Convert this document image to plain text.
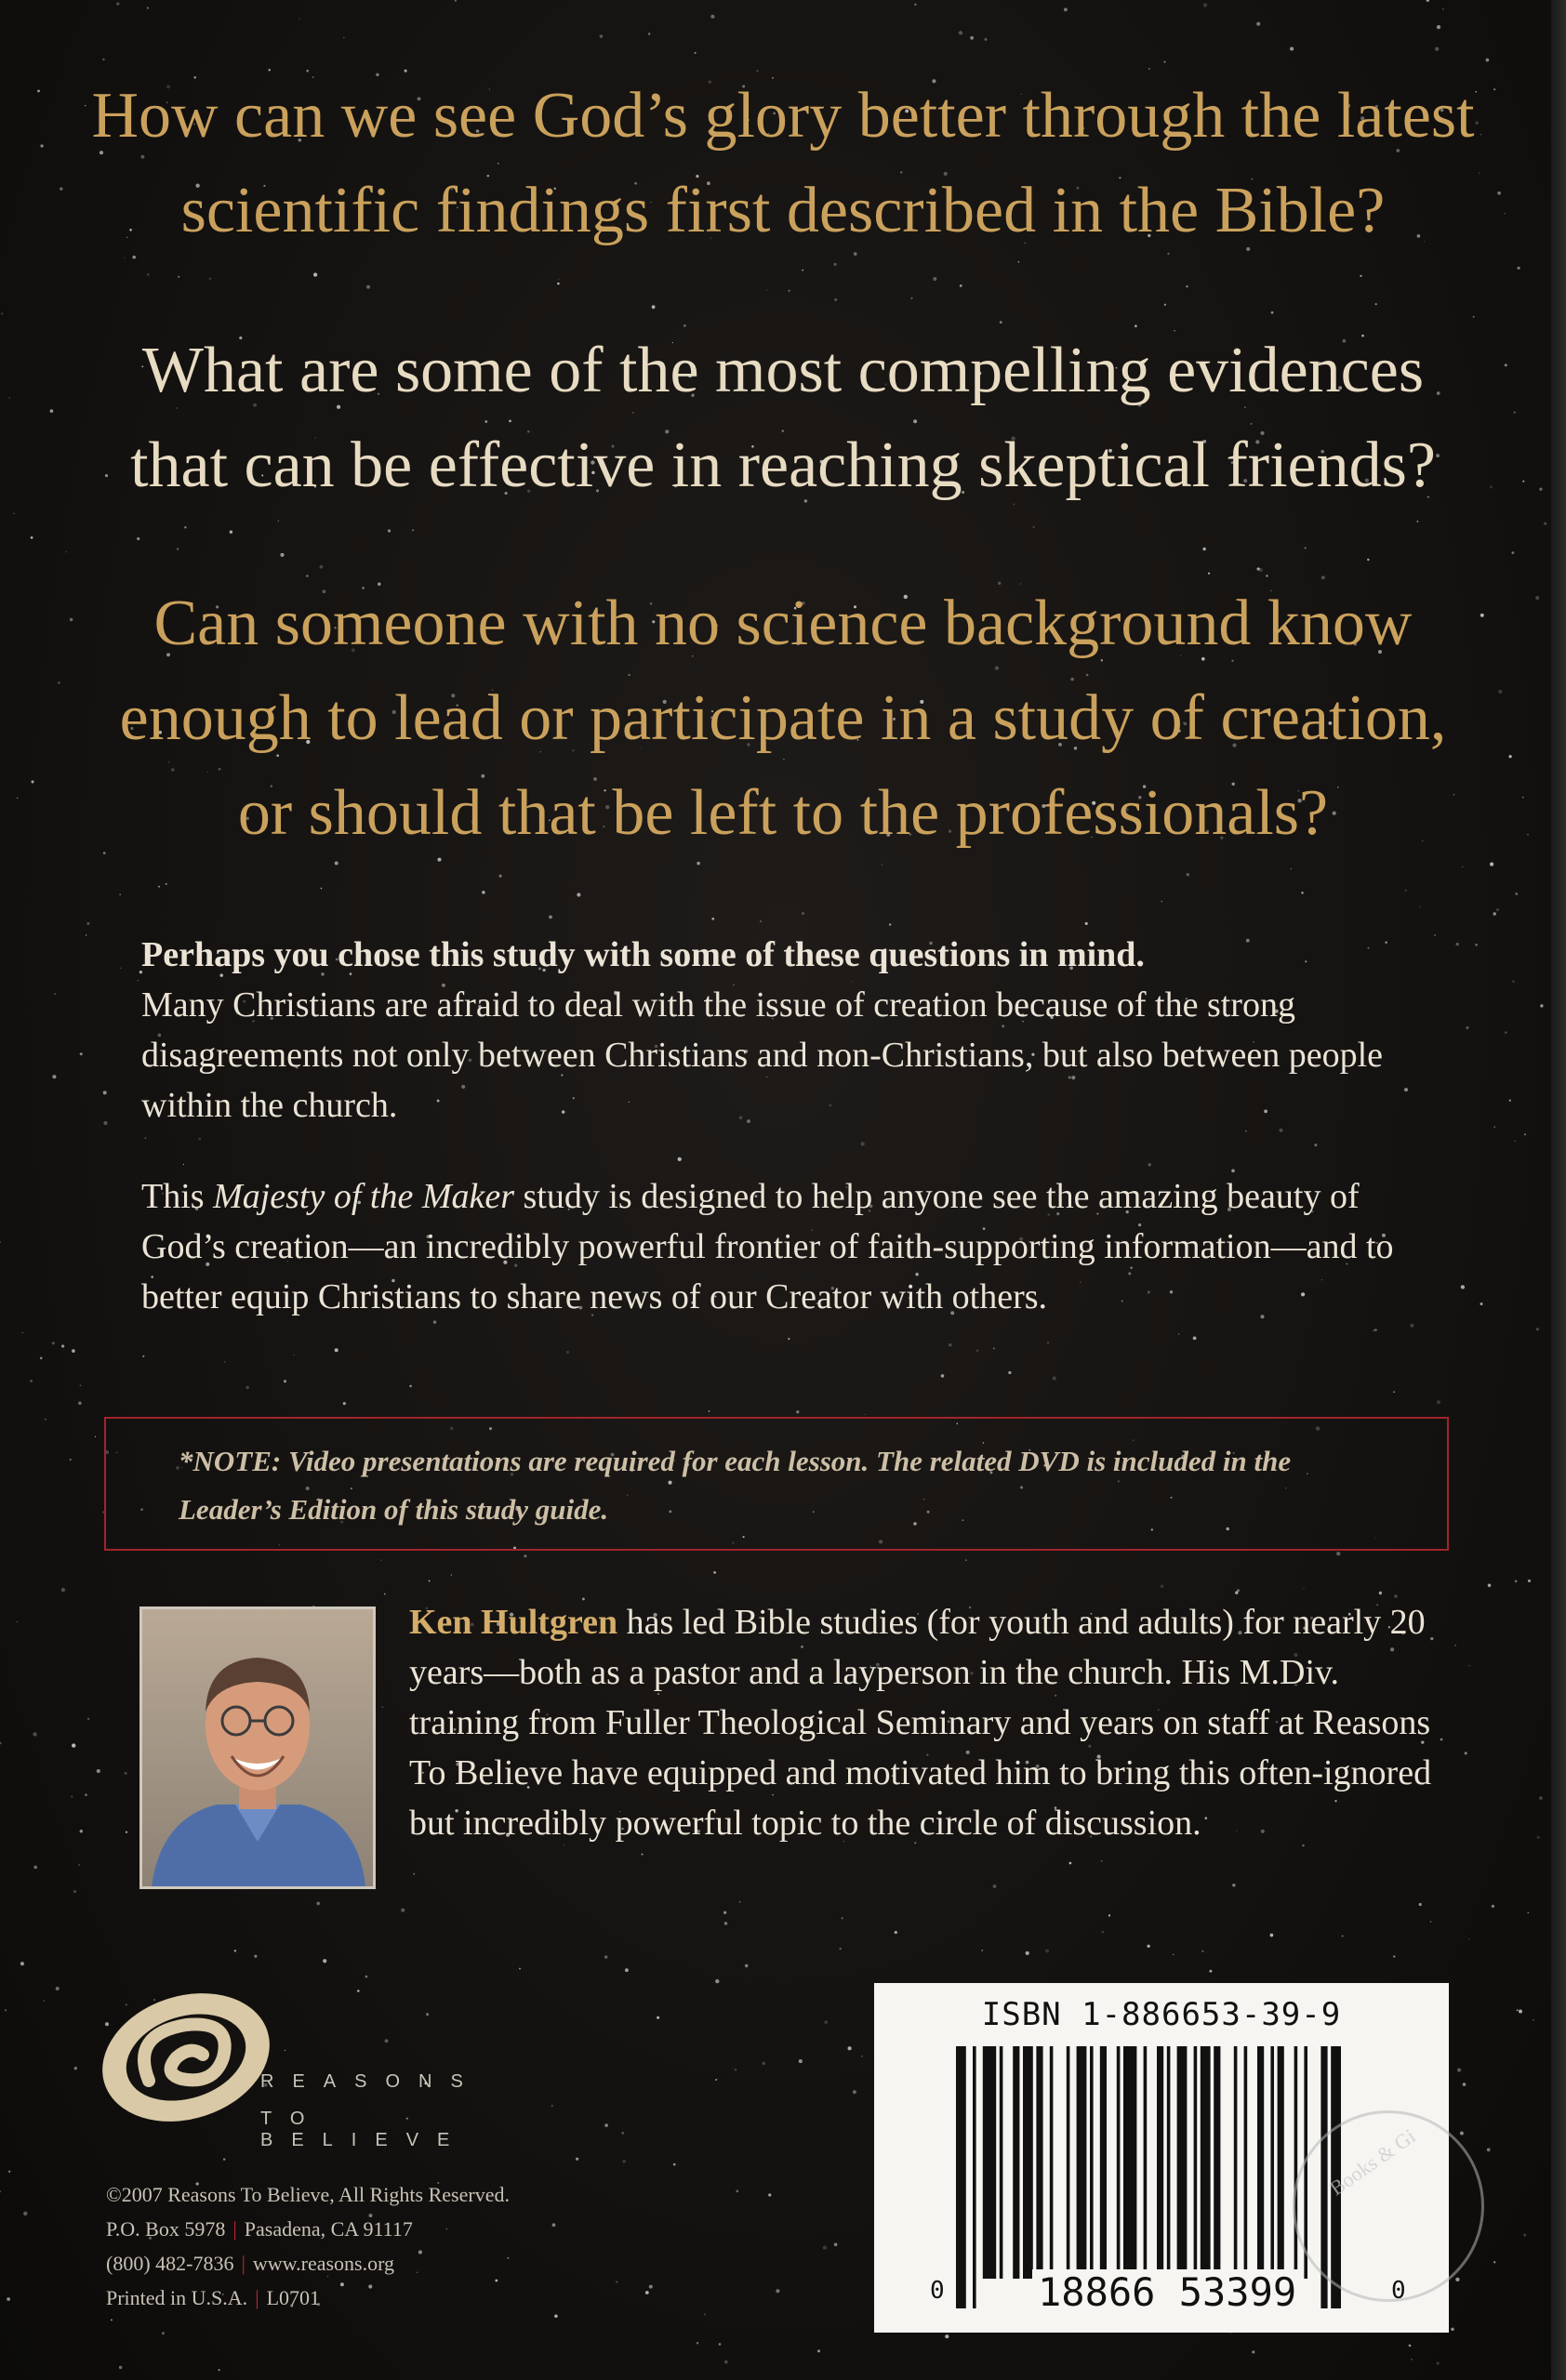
How can we see God’s glory better through the latest
scientific findings first described in the Bible?

What are some of the most compelling evidences
that can be effective in reaching skeptical friends?

Can someone with no science background know
enough to lead or participate in a study of creation,
or should that be left to the professionals?

Perhaps you chose this study with some of these questions in mind.
Many Christians are afraid to deal with the issue of creation because of the strong disagreements not only between Christians and non-Christians, but also between people within the church.

This Majesty of the Maker study is designed to help anyone see the amazing beauty of God’s creation—an incredibly powerful frontier of faith-supporting information—and to better equip Christians to share news of our Creator with others.

*NOTE: Video presentations are required for each lesson. The related DVD is included in the Leader’s Edition of this study guide.

Ken Hultgren has led Bible studies (for youth and adults) for nearly 20 years—both as a pastor and a layperson in the church. His M.Div. training from Fuller Theological Seminary and years on staff at Reasons To Believe have equipped and motivated him to bring this often-ignored but incredibly powerful topic to the circle of discussion.

REASONS

TO BELIEVE

©2007 Reasons To Believe, All Rights Reserved.
P.O. Box 5978 | Pasadena, CA 91117
(800) 482-7836 | www.reasons.org
Printed in U.S.A. | L0701

ISBN 1-886653-39-9

0 18866 53399	0

Books & Gi
